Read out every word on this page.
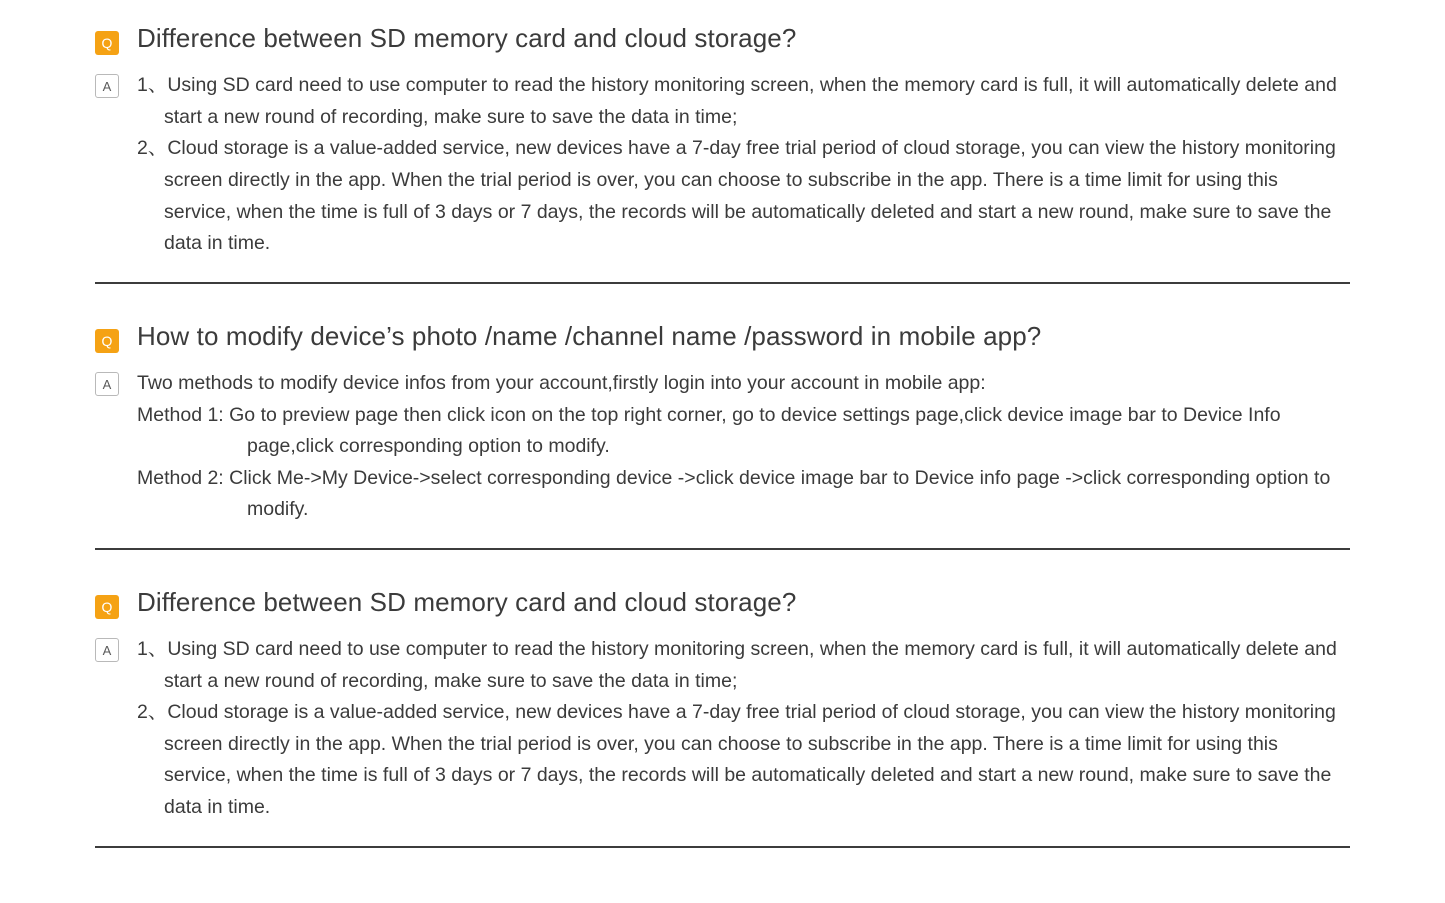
Q Difference between SD memory card and cloud storage?
A	1、Using SD card need to use computer to read the history monitoring screen, when the memory card is full, it will automatically delete and start a new round of recording, make sure to save the data in time;
2、Cloud storage is a value-added service, new devices have a 7-day free trial period of cloud storage, you can view the history monitoring screen directly in the app. When the trial period is over, you can choose to subscribe in the app. There is a time limit for using this service, when the time is full of 3 days or 7 days, the records will be automatically deleted and start a new round, make sure to save the data in time.
Q How to modify device’s photo /name /channel name /password in mobile app?
A	Two methods to modify device infos from your account,firstly login into your account in mobile app:
Method 1: Go to preview page then click icon on the top right corner, go to device settings page,click device image bar to Device Info page,click corresponding option to modify.
Method 2: Click Me->My Device->select corresponding device ->click device image bar to Device info page ->click corresponding option to modify.
Q Difference between SD memory card and cloud storage?
A	1、Using SD card need to use computer to read the history monitoring screen, when the memory card is full, it will automatically delete and start a new round of recording, make sure to save the data in time;
2、Cloud storage is a value-added service, new devices have a 7-day free trial period of cloud storage, you can view the history monitoring screen directly in the app. When the trial period is over, you can choose to subscribe in the app. There is a time limit for using this service, when the time is full of 3 days or 7 days, the records will be automatically deleted and start a new round, make sure to save the data in time.
